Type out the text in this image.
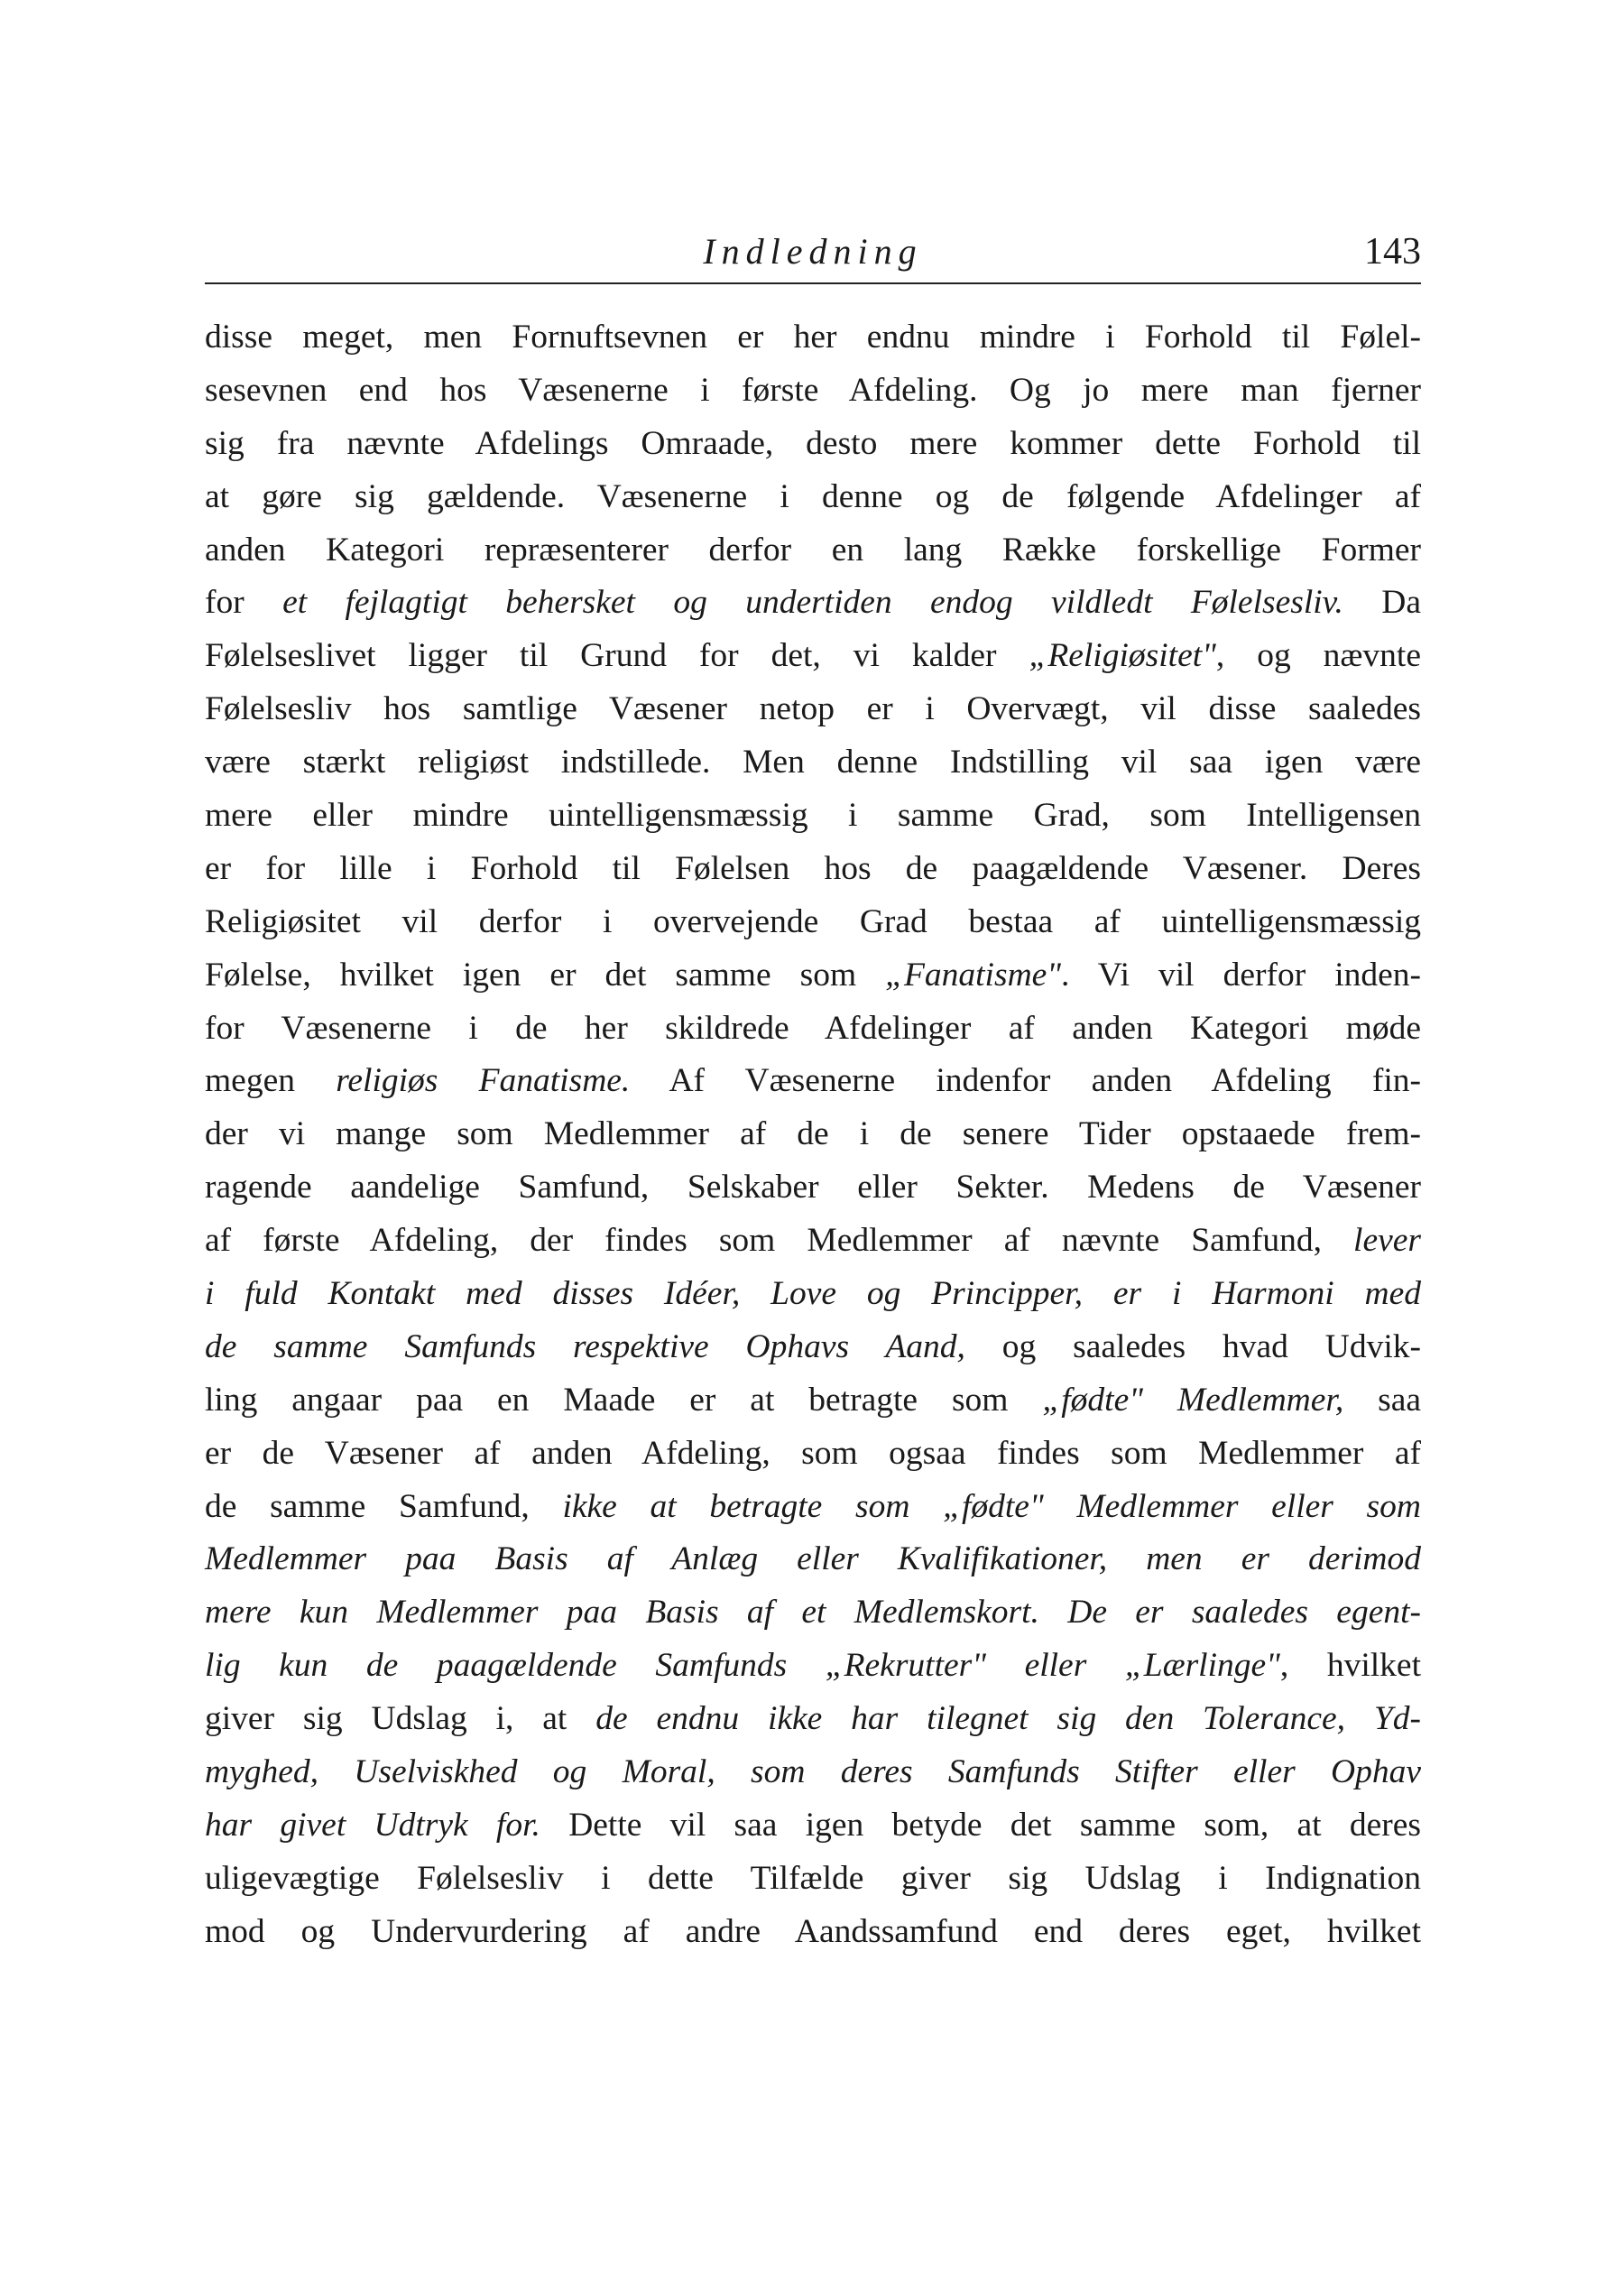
Indledning	143
disse meget, men Fornuftsevnen er her endnu mindre i Forhold til Følel-
sesevnen end hos Væsenerne i første Afdeling. Og jo mere man fjerner
sig fra nævnte Afdelings Omraade, desto mere kommer dette Forhold til
at gøre sig gældende. Væsenerne i denne og de følgende Afdelinger af
anden Kategori repræsenterer derfor en lang Række forskellige Former
for et fejlagtigt behersket og undertiden endog vildledt Følelsesliv. Da
Følelseslivet ligger til Grund for det, vi kalder „Religiøsitet", og nævnte
Følelsesliv hos samtlige Væsener netop er i Overvægt, vil disse saaledes
være stærkt religiøst indstillede. Men denne Indstilling vil saa igen være
mere eller mindre uintelligensmæssig i samme Grad, som Intelligensen
er for lille i Forhold til Følelsen hos de paagældende Væsener. Deres
Religiøsitet vil derfor i overvejende Grad bestaa af uintelligensmæssig
Følelse, hvilket igen er det samme som „Fanatisme". Vi vil derfor inden-
for Væsenerne i de her skildrede Afdelinger af anden Kategori møde
megen religiøs Fanatisme. Af Væsenerne indenfor anden Afdeling fin-
der vi mange som Medlemmer af de i de senere Tider opstaaede frem-
ragende aandelige Samfund, Selskaber eller Sekter. Medens de Væsener
af første Afdeling, der findes som Medlemmer af nævnte Samfund, lever
i fuld Kontakt med disses Idéer, Love og Principper, er i Harmoni med
de samme Samfunds respektive Ophavs Aand, og saaledes hvad Udvik-
ling angaar paa en Maade er at betragte som „fødte" Medlemmer, saa
er de Væsener af anden Afdeling, som ogsaa findes som Medlemmer af
de samme Samfund, ikke at betragte som „fødte" Medlemmer eller som
Medlemmer paa Basis af Anlæg eller Kvalifikationer, men er derimod
mere kun Medlemmer paa Basis af et Medlemskort. De er saaledes egent-
lig kun de paagældende Samfunds „Rekrutter" eller „Lærlinge", hvilket
giver sig Udslag i, at de endnu ikke har tilegnet sig den Tolerance, Yd-
myghed, Uselviskhed og Moral, som deres Samfunds Stifter eller Ophav
har givet Udtryk for. Dette vil saa igen betyde det samme som, at deres
uligevægtige Følelsesliv i dette Tilfælde giver sig Udslag i Indignation
mod og Undervurdering af andre Aandssamfund end deres eget, hvilket
